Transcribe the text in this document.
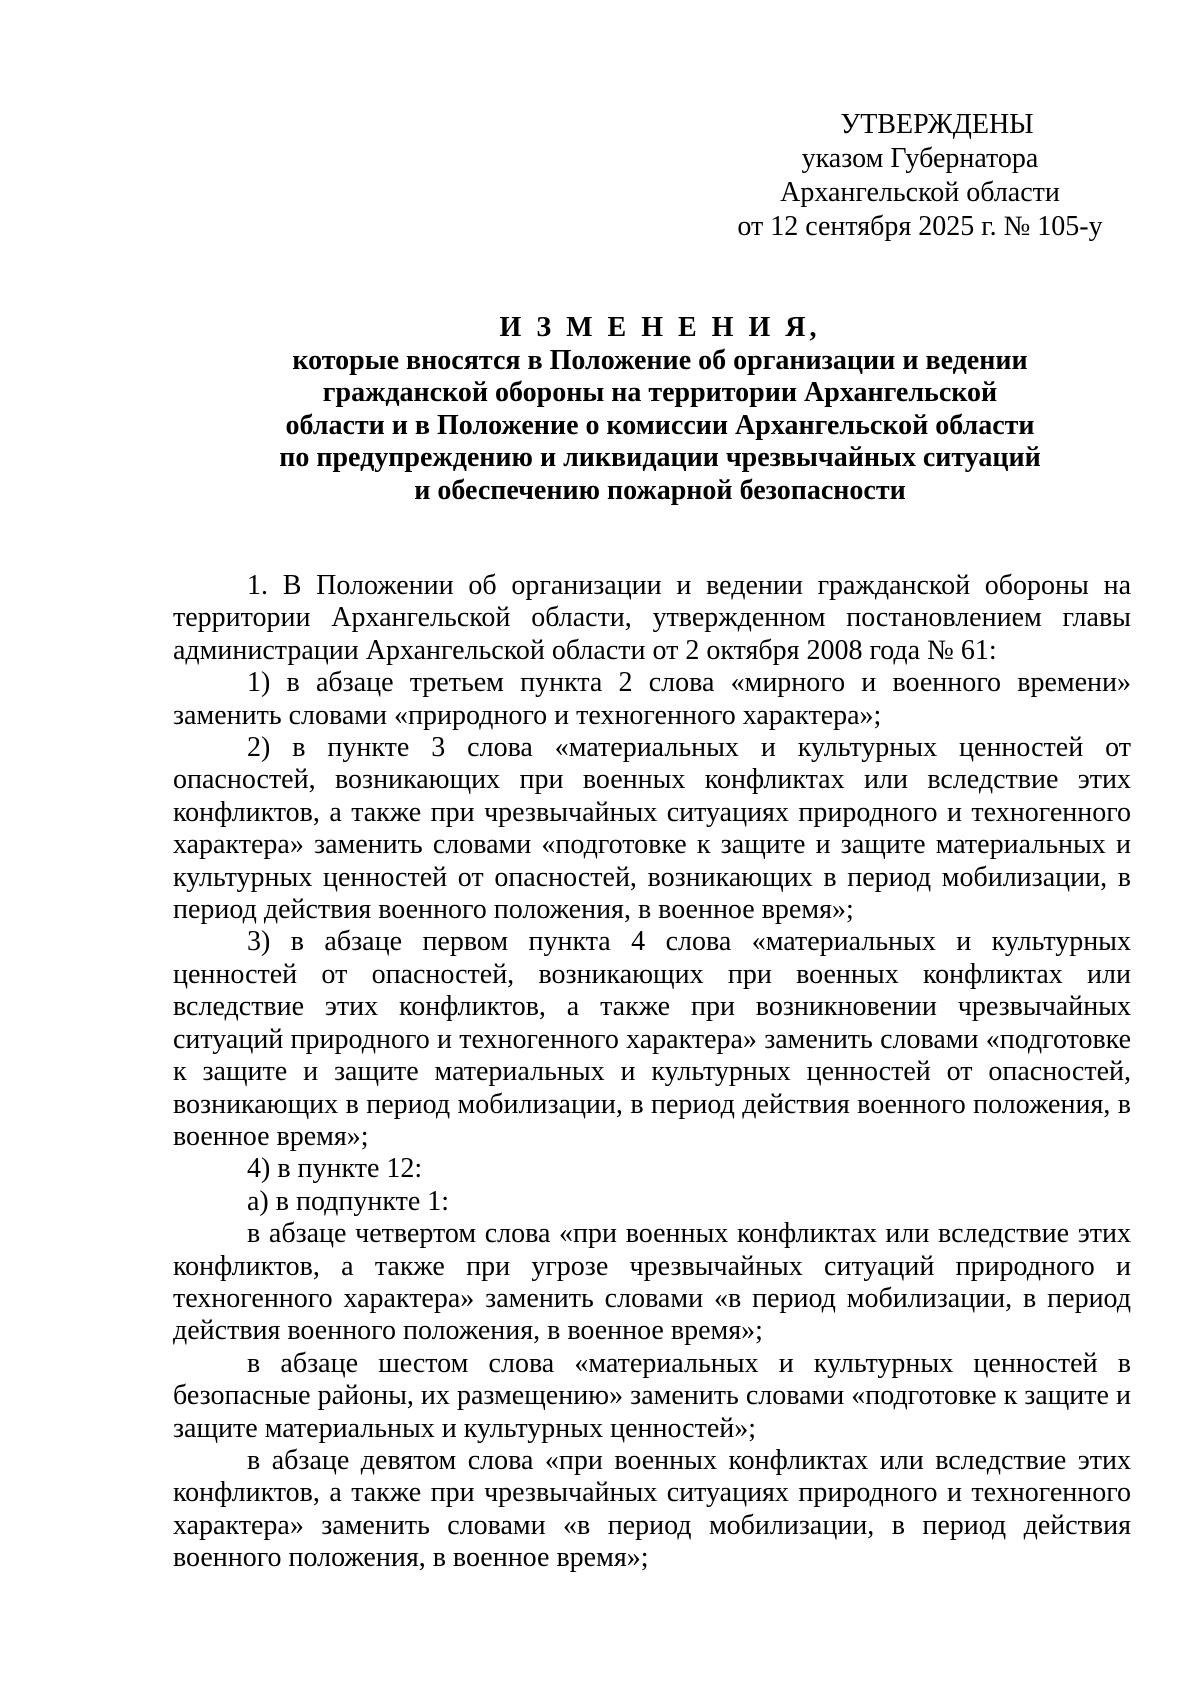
УТВЕРЖДЕНЫ
указом Губернатора
Архангельской области
от 12 сентября 2025 г. № 105-у
И З М Е Н Е Н И Я,
которые вносятся в Положение об организации и ведении
гражданской обороны на территории Архангельской
области и в Положение о комиссии Архангельской области
по предупреждению и ликвидации чрезвычайных ситуаций
и обеспечению пожарной безопасности

1. В Положении об организации и ведении гражданской обороны на территории Архангельской области, утвержденном постановлением главы администрации Архангельской области от 2 октября 2008 года № 61:

1) в абзаце третьем пункта 2 слова «мирного и военного времени» заменить словами «природного и техногенного характера»;

2) в пункте 3 слова «материальных и культурных ценностей от опасностей, возникающих при военных конфликтах или вследствие этих конфликтов, а также при чрезвычайных ситуациях природного и техногенного характера» заменить словами «подготовке к защите и защите материальных и культурных ценностей от опасностей, возникающих в период мобилизации, в период действия военного положения, в военное время»;

3) в абзаце первом пункта 4 слова «материальных и культурных ценностей от опасностей, возникающих при военных конфликтах или вследствие этих конфликтов, а также при возникновении чрезвычайных ситуаций природного и техногенного характера» заменить словами «подготовке к защите и защите материальных и культурных ценностей от опасностей, возникающих в период мобилизации, в период действия военного положения, в военное время»;

4) в пункте 12:

а) в подпункте 1:

в абзаце четвертом слова «при военных конфликтах или вследствие этих конфликтов, а также при угрозе чрезвычайных ситуаций природного и техногенного характера» заменить словами «в период мобилизации, в период действия военного положения, в военное время»;

в абзаце шестом слова «материальных и культурных ценностей в безопасные районы, их размещению» заменить словами «подготовке к защите и защите материальных и культурных ценностей»;

в абзаце девятом слова «при военных конфликтах или вследствие этих конфликтов, а также при чрезвычайных ситуациях природного и техногенного характера» заменить словами «в период мобилизации, в период действия военного положения, в военное время»;
